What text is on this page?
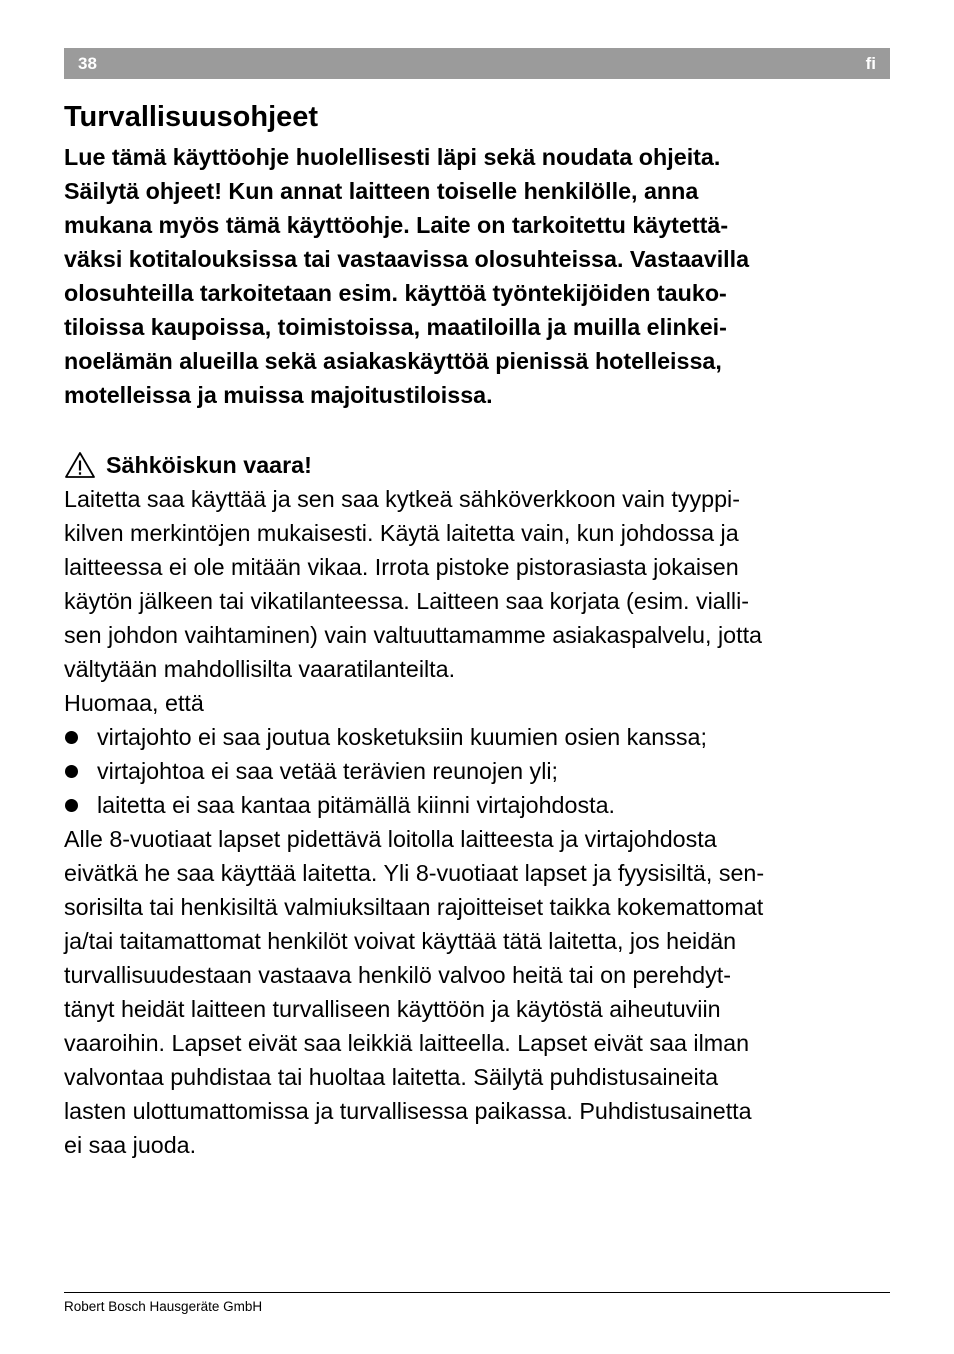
38	fi
Turvallisuusohjeet

Lue tämä käyttöohje huolellisesti läpi sekä noudata ohjeita.
Säilytä ohjeet! Kun annat laitteen toiselle henkilölle, anna
mukana myös tämä käyttöohje. Laite on tarkoitettu käytettä-
väksi kotitalouksissa tai vastaavissa olosuhteissa. Vastaavilla
olosuhteilla tarkoitetaan esim. käyttöä työntekijöiden tauko-
tiloissa kaupoissa, toimistoissa, maatiloilla ja muilla elinkei-
noelämän alueilla sekä asiakaskäyttöä pienissä hotelleissa,
motelleissa ja muissa majoitustiloissa.

Sähköiskun vaara!

Laitetta saa käyttää ja sen saa kytkeä sähköverkkoon vain tyyppi-
kilven merkintöjen mukaisesti. Käytä laitetta vain, kun johdossa ja
laitteessa ei ole mitään vikaa. Irrota pistoke pistorasiasta jokaisen
käytön jälkeen tai vikatilanteessa. Laitteen saa korjata (esim. vialli-
sen johdon vaihtaminen) vain valtuuttamamme asiakaspalvelu, jotta
vältytään mahdollisilta vaaratilanteilta.

Huomaa, että

virtajohto ei saa joutua kosketuksiin kuumien osien kanssa;
virtajohtoa ei saa vetää terävien reunojen yli;
laitetta ei saa kantaa pitämällä kiinni virtajohdosta.

Alle 8-vuotiaat lapset pidettävä loitolla laitteesta ja virtajohdosta
eivätkä he saa käyttää laitetta. Yli 8-vuotiaat lapset ja fyysisiltä, sen-
sorisilta tai henkisiltä valmiuksiltaan rajoitteiset taikka kokemattomat
ja/tai taitamattomat henkilöt voivat käyttää tätä laitetta, jos heidän
turvallisuudestaan vastaava henkilö valvoo heitä tai on perehdyt-
tänyt heidät laitteen turvalliseen käyttöön ja käytöstä aiheutuviin
vaaroihin. Lapset eivät saa leikkiä laitteella. Lapset eivät saa ilman
valvontaa puhdistaa tai huoltaa laitetta. Säilytä puhdistusaineita
lasten ulottumattomissa ja turvallisessa paikassa. Puhdistusainetta
ei saa juoda.

Robert Bosch Hausgeräte GmbH
